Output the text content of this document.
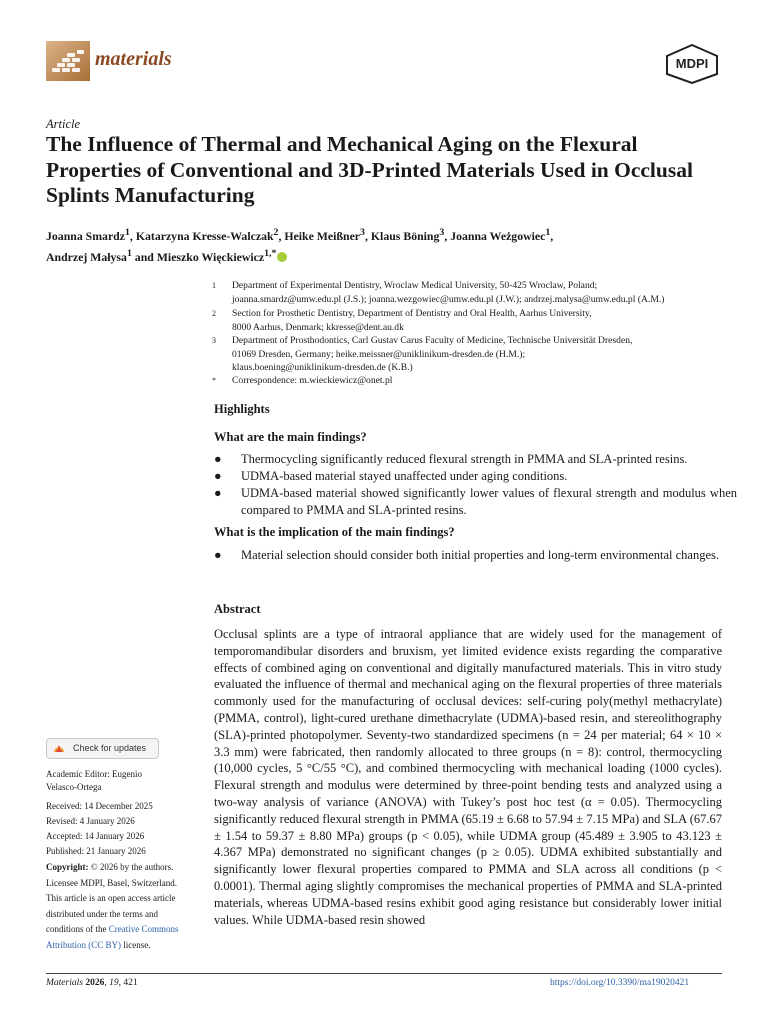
materials	MDPI
Article
The Influence of Thermal and Mechanical Aging on the Flexural Properties of Conventional and 3D-Printed Materials Used in Occlusal Splints Manufacturing
Joanna Smardz$^1$, Katarzyna Kresse-Walczak$^2$, Heike Meißner$^3$, Klaus Böning$^3$, Joanna Weżgowiec$^1$,
Andrzej Małysa$^1$ and Mieszko Więckiewicz$^{1,*}$
1 Department of Experimental Dentistry, Wroclaw Medical University, 50-425 Wroclaw, Poland;
joanna.smardz@umw.edu.pl (J.S.); joanna.wezgowiec@umw.edu.pl (J.W.); andrzej.malysa@umw.edu.pl (A.M.)
2 Section for Prosthetic Dentistry, Department of Dentistry and Oral Health, Aarhus University,
8000 Aarhus, Denmark; kkresse@dent.au.dk
3 Department of Prosthodontics, Carl Gustav Carus Faculty of Medicine, Technische Universität Dresden,
01069 Dresden, Germany; heike.meissner@uniklinikum-dresden.de (H.M.);
klaus.boening@uniklinikum-dresden.de (K.B.)
* Correspondence: m.wieckiewicz@onet.pl
Highlights
What are the main findings?
● Thermocycling significantly reduced flexural strength in PMMA and SLA-printed resins.
● UDMA-based material stayed unaffected under aging conditions.
● UDMA-based material showed significantly lower values of flexural strength and modulus when compared to PMMA and SLA-printed resins.
What is the implication of the main findings?
● Material selection should consider both initial properties and long-term environmental changes.
Abstract
Occlusal splints are a type of intraoral appliance that are widely used for the management of temporomandibular disorders and bruxism, yet limited evidence exists regarding the comparative effects of combined aging on conventional and digitally manufactured materials. This in vitro study evaluated the influence of thermal and mechanical aging on the flexural properties of three materials commonly used for the manufacturing of occlusal devices: self-curing poly(methyl methacrylate) (PMMA, control), light-cured urethane dimethacrylate (UDMA)-based resin, and stereolithography (SLA)-printed photopolymer. Seventy-two standardized specimens (n = 24 per material; 64 × 10 × 3.3 mm) were fabricated, then randomly allocated to three groups (n = 8): control, thermocycling (10,000 cycles, 5 °C/55 °C), and combined thermocycling with mechanical loading (1000 cycles). Flexural strength and modulus were determined by three-point bending tests and analyzed using a two-way analysis of variance (ANOVA) with Tukey’s post hoc test (α = 0.05). Thermocycling significantly reduced flexural strength in PMMA (65.19 ± 6.68 to 57.94 ± 7.15 MPa) and SLA (67.67 ± 1.54 to 59.37 ± 8.80 MPa) groups (p < 0.05), while UDMA group (45.489 ± 3.905 to 43.123 ± 4.367 MPa) demonstrated no significant changes (p ≥ 0.05). UDMA exhibited substantially and significantly lower flexural properties compared to PMMA and SLA across all conditions (p < 0.0001). Thermal aging slightly compromises the mechanical properties of PMMA and SLA-printed materials, whereas UDMA-based resins exhibit good aging resistance but considerably lower initial values. While UDMA-based resin showed
Check for updates
Academic Editor: Eugenio
Velasco-Ortega
Received: 14 December 2025
Revised: 4 January 2026
Accepted: 14 January 2026
Published: 21 January 2026
Copyright: © 2026 by the authors.
Licensee MDPI, Basel, Switzerland.
This article is an open access article
distributed under the terms and
conditions of the Creative Commons
Attribution (CC BY) license.
Materials 2026, 19, 421	https://doi.org/10.3390/ma19020421
